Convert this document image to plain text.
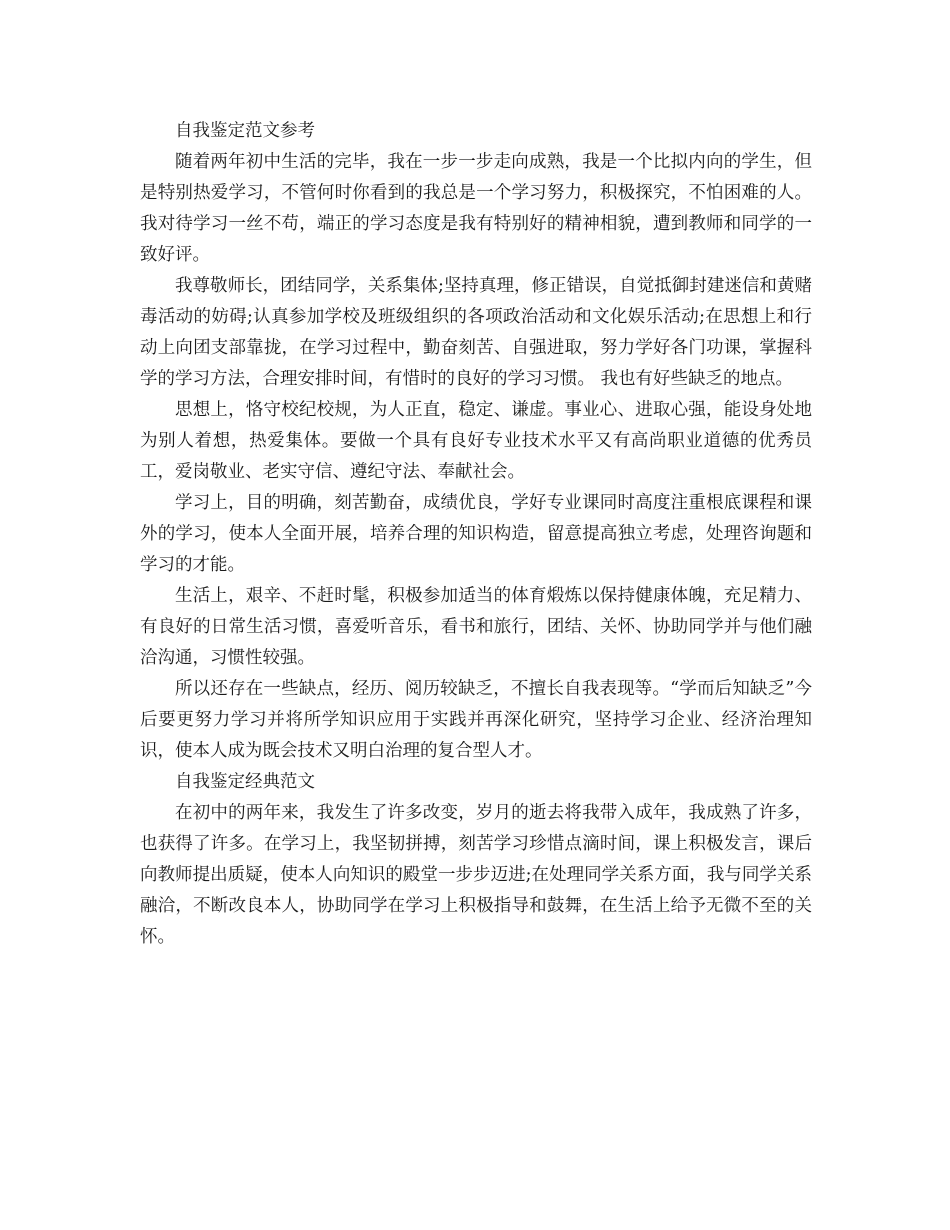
自我鉴定范文参考

随着两年初中生活的完毕，我在一步一步走向成熟，我是一个比拟内向的学生，但是特别热爱学习，不管何时你看到的我总是一个学习努力，积极探究，不怕困难的人。我对待学习一丝不苟，端正的学习态度是我有特别好的精神相貌，遭到教师和同学的一致好评。

我尊敬师长，团结同学，关系集体;坚持真理，修正错误，自觉抵御封建迷信和黄赌毒活动的妨碍;认真参加学校及班级组织的各项政治活动和文化娱乐活动;在思想上和行动上向团支部靠拢，在学习过程中，勤奋刻苦、自强进取，努力学好各门功课，掌握科学的学习方法，合理安排时间，有惜时的良好的学习习惯。 我也有好些缺乏的地点。

思想上，恪守校纪校规，为人正直，稳定、谦虚。事业心、进取心强，能设身处地为别人着想，热爱集体。要做一个具有良好专业技术水平又有高尚职业道德的优秀员工，爱岗敬业、老实守信、遵纪守法、奉献社会。

学习上，目的明确，刻苦勤奋，成绩优良，学好专业课同时高度注重根底课程和课外的学习，使本人全面开展，培养合理的知识构造，留意提高独立考虑，处理咨询题和学习的才能。

生活上，艰辛、不赶时髦，积极参加适当的体育煅炼以保持健康体魄，充足精力、有良好的日常生活习惯，喜爱听音乐，看书和旅行，团结、关怀、协助同学并与他们融洽沟通，习惯性较强。

所以还存在一些缺点，经历、阅历较缺乏，不擅长自我表现等。“学而后知缺乏”今后要更努力学习并将所学知识应用于实践并再深化研究，坚持学习企业、经济治理知识，使本人成为既会技术又明白治理的复合型人才。

自我鉴定经典范文

在初中的两年来，我发生了许多改变，岁月的逝去将我带入成年，我成熟了许多，也获得了许多。在学习上，我坚韧拼搏，刻苦学习珍惜点滴时间，课上积极发言，课后向教师提出质疑，使本人向知识的殿堂一步步迈进;在处理同学关系方面，我与同学关系融洽，不断改良本人，协助同学在学习上积极指导和鼓舞，在生活上给予无微不至的关怀。
